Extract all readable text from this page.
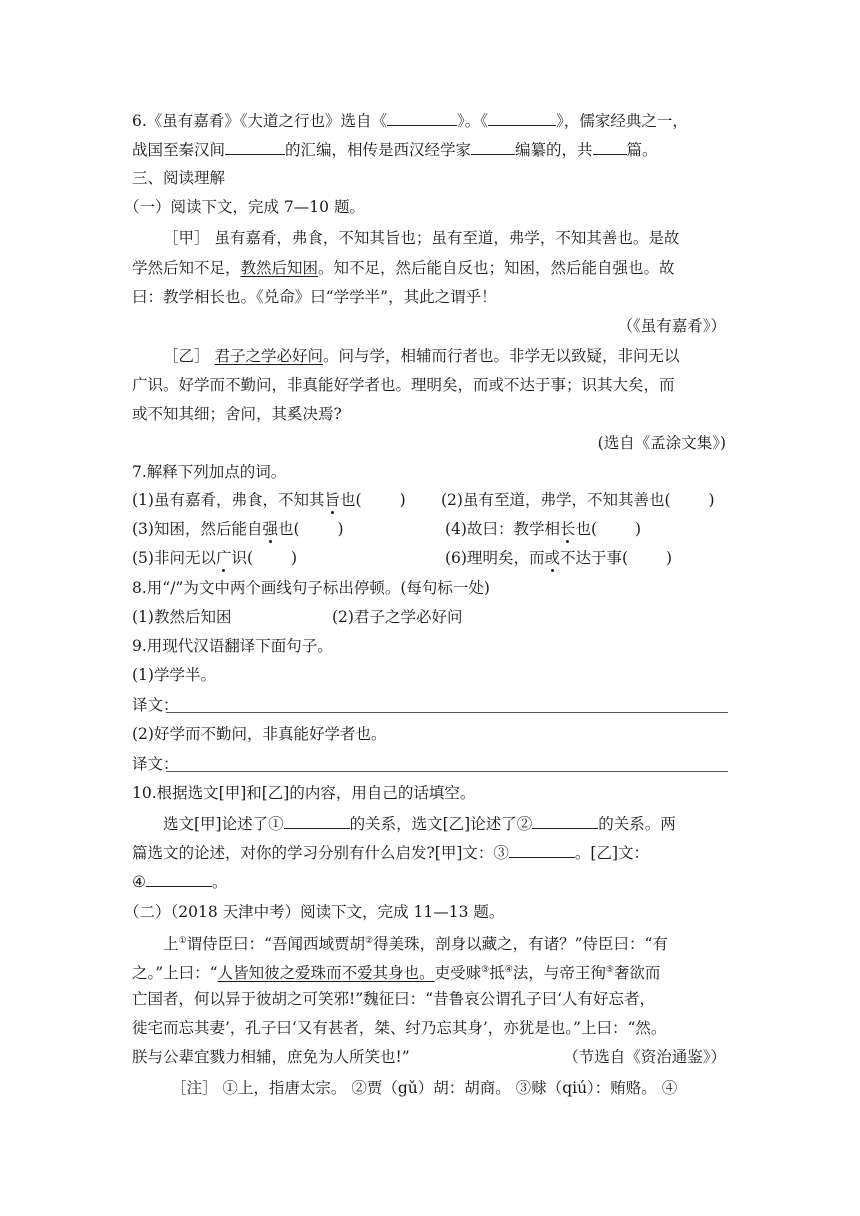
6.《虽有嘉肴》《大道之行也》选自《	》。《	》，儒家经典之一，
战国至秦汉间	的汇编，相传是西汉经学家	编纂的，共 篇。
三、阅读理解
（一）阅读下文，完成 7—10 题。
［甲］ 虽有嘉肴，弗食，不知其旨也；虽有至道，弗学，不知其善也。是故
学然后知不足，教然后知困。知不足，然后能自反也；知困，然后能自强也。故
曰：教学相长也。《兑命》曰“学学半”，其此之谓乎！
（《虽有嘉肴》）
［乙］ 君子之学必好问。问与学，相辅而行者也。非学无以致疑，非问无以
广识。好学而不勤问，非真能好学者也。理明矣，而或不达于事；识其大矣，而
或不知其细；舍问，其奚决焉?
(选自《孟涂文集》)
7.解释下列加点的词。
(1)虽有嘉肴，弗食，不知其旨也( ) (2)虽有至道，弗学，不知其善也( )
(3)知困，然后能自强也( )	(4)故曰：教学相长也( )
(5)非问无以广识( )	(6)理明矣，而或不达于事( )
8.用“/”为文中两个画线句子标出停顿。(每句标一处)
(1)教然后知困	(2)君子之学必好问
9.用现代汉语翻译下面句子。
(1)学学半。
译文：
(2)好学而不勤问，非真能好学者也。
译文：
10.根据选文[甲]和[乙]的内容，用自己的话填空。
选文[甲]论述了①	的关系，选文[乙]论述了②	的关系。两
篇选文的论述，对你的学习分别有什么启发?[甲]文：③	。[乙]文：
④	。
（二）（2018 天津中考）阅读下文，完成 11—13 题。
上①谓侍臣曰：“吾闻西域贾胡②得美珠，剖身以藏之，有诸？”侍臣曰：“有
之。”上曰：“人皆知彼之爱珠而不爱其身也。吏受赇③抵④法，与帝王徇⑤奢欲而
亡国者，何以异于彼胡之可笑邪!”魏征曰：“昔鲁哀公谓孔子曰‘人有好忘者，
徙宅而忘其妻’，孔子曰‘又有甚者，桀、纣乃忘其身’，亦犹是也。”上曰：“然。
朕与公辈宜戮力相辅，庶免为人所笑也!”	（节选自《资治通鉴》）
［注］ ①上，指唐太宗。 ②贾（gǔ）胡：胡商。 ③赇（qiú）：贿赂。 ④
